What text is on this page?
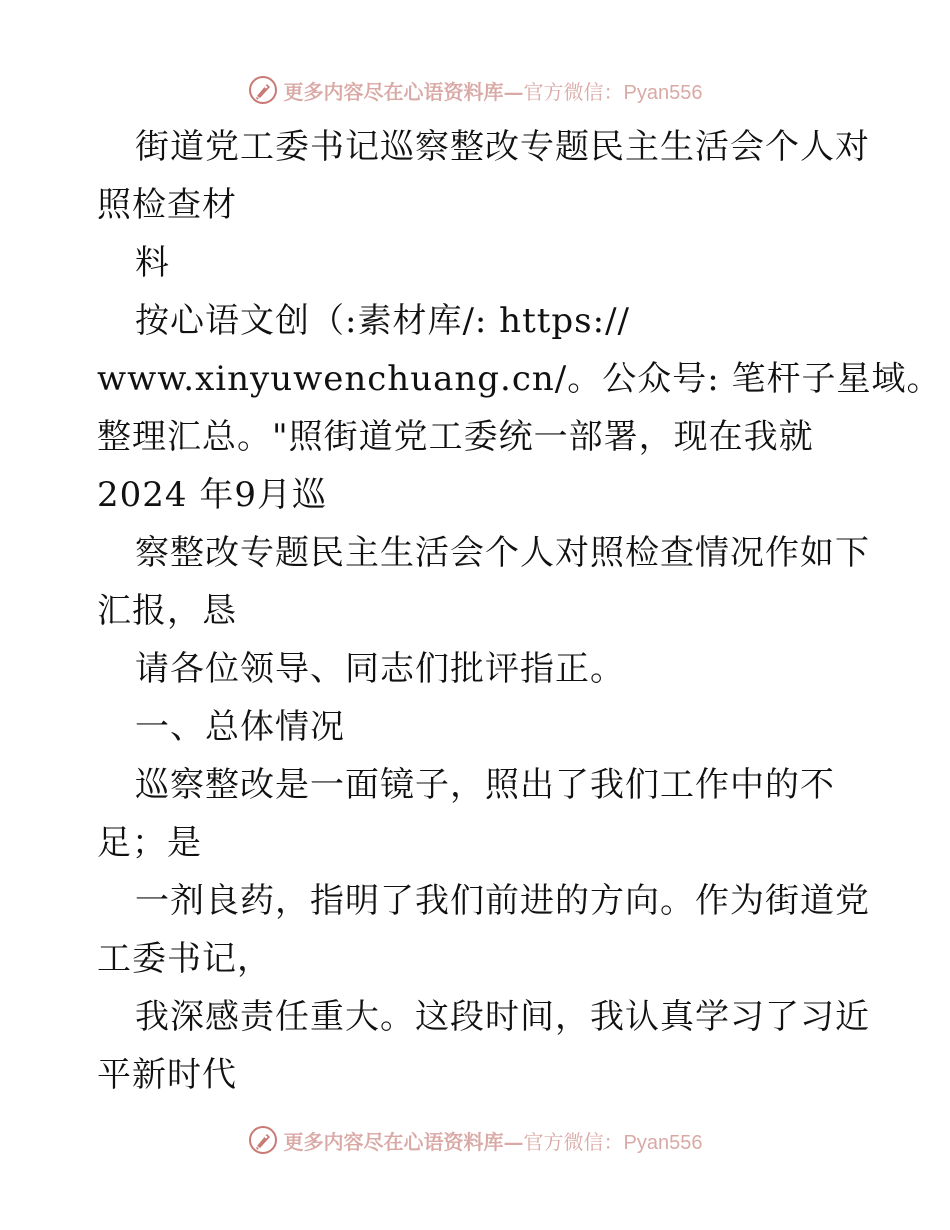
更多内容尽在心语资料库—官方微信：Pyan556
街道党工委书记巡察整改专题民主生活会个人对
照检查材
料
按心语文创（:素材库/: https://
www.xinyuwenchuang.cn/。公众号: 笔杆子星域。
整理汇总。"照街道党工委统一部署，现在我就
2024 年9月巡
察整改专题民主生活会个人对照检查情况作如下
汇报，恳
请各位领导、同志们批评指正。
一、总体情况
巡察整改是一面镜子，照出了我们工作中的不
足；是
一剂良药，指明了我们前进的方向。作为街道党
工委书记，
我深感责任重大。这段时间，我认真学习了习近
平新时代
更多内容尽在心语资料库—官方微信：Pyan556
